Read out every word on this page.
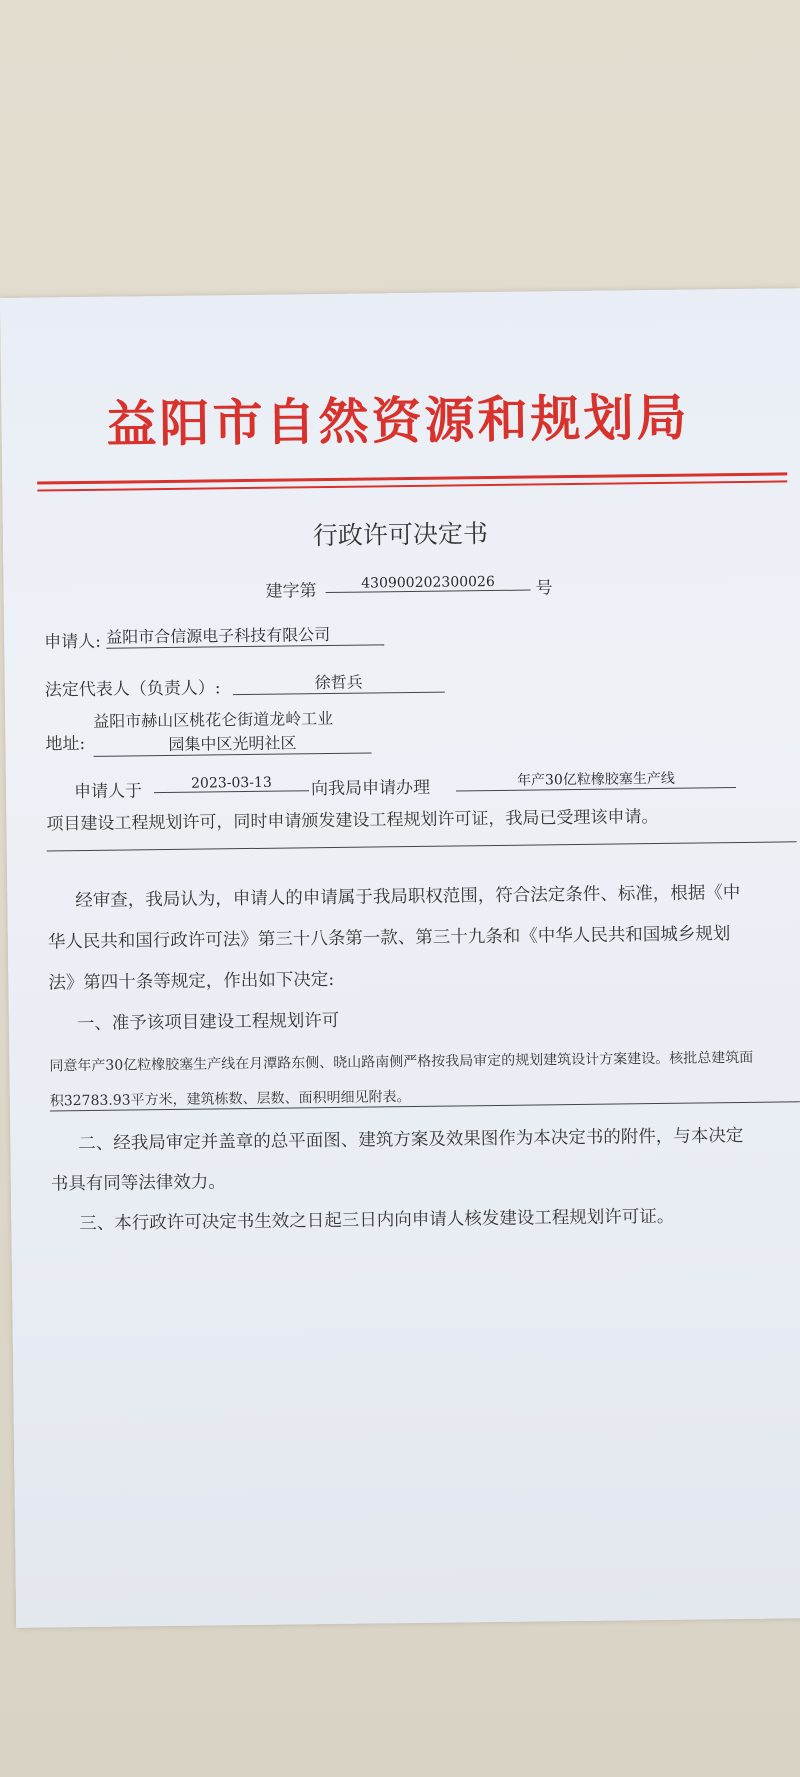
益阳市自然资源和规划局
行政许可决定书
建字第	430900202300026	号
申请人: 益阳市合信源电子科技有限公司
法定代表人（负责人）:	徐哲兵
地址:
益阳市赫山区桃花仑街道龙岭工业
园集中区光明社区
申请人于	2023-03-13	向我局申请办理	年产30亿粒橡胶塞生产线
项目建设工程规划许可，同时申请颁发建设工程规划许可证，我局已受理该申请。
经审查，我局认为，申请人的申请属于我局职权范围，符合法定条件、标准，根据《中
华人民共和国行政许可法》第三十八条第一款、第三十九条和《中华人民共和国城乡规划
法》第四十条等规定，作出如下决定:
一、准予该项目建设工程规划许可
同意年产30亿粒橡胶塞生产线在月潭路东侧、晓山路南侧严格按我局审定的规划建筑设计方案建设。核批总建筑面
积32783.93平方米，建筑栋数、层数、面积明细见附表。
二、经我局审定并盖章的总平面图、建筑方案及效果图作为本决定书的附件，与本决定
书具有同等法律效力。
三、本行政许可决定书生效之日起三日内向申请人核发建设工程规划许可证。
